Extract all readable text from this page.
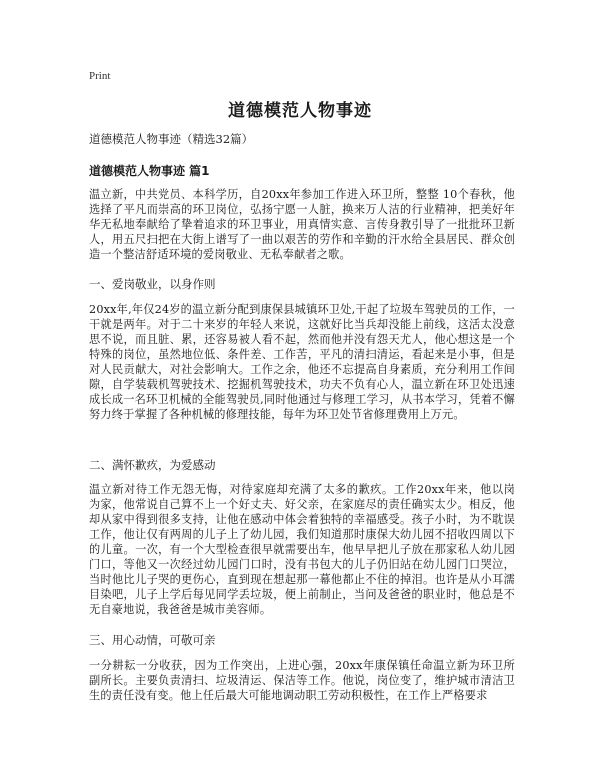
Print
道德模范人物事迹
道德模范人物事迹（精选32篇）
道德模范人物事迹 篇1

温立新，中共党员、本科学历，自20xx年参加工作进入环卫所，整整 10个春秋，他选择了平凡而崇高的环卫岗位，弘扬宁愿一人脏，换来万人洁的行业精神，把美好年华无私地奉献给了挚着追求的环卫事业，用真情实意、言传身教引导了一批批环卫新人，用五尺扫把在大街上谱写了一曲以艰苦的劳作和辛勤的汗水给全县居民、群众创造一个整洁舒适环境的爱岗敬业、无私奉献者之歌。

一、爱岗敬业，以身作则

20xx年,年仅24岁的温立新分配到康保县城镇环卫处,干起了垃圾车驾驶员的工作，一干就是两年。对于二十来岁的年轻人来说，这就好比当兵却没能上前线，这活太没意思不说，而且脏、累，还容易被人看不起，然而他并没有怨天尤人，他心想这是一个特殊的岗位，虽然地位低、条件差、工作苦，平凡的清扫清运，看起来是小事，但是对人民贡献大，对社会影响大。工作之余，他还不忘提高自身素质，充分利用工作间隙，自学装载机驾驶技术、挖掘机驾驶技术，功夫不负有心人，温立新在环卫处迅速成长成一名环卫机械的全能驾驶员,同时他通过与修理工学习，从书本学习，凭着不懈努力终于掌握了各种机械的修理技能，每年为环卫处节省修理费用上万元。

二、满怀歉疚，为爱感动

温立新对待工作无怨无悔，对待家庭却充满了太多的歉疚。工作20xx年来，他以岗为家，他常说自己算不上一个好丈夫、好父亲，在家庭尽的责任确实太少。相反，他却从家中得到很多支持，让他在感动中体会着独特的幸福感受。孩子小时，为不耽误工作，他让仅有两周的儿子上了幼儿园，我们知道那时康保大幼儿园不招收四周以下的儿童。一次，有一个大型检查很早就需要出车，他早早把儿子放在那家私人幼儿园门口，等他又一次经过幼儿园门口时，没有书包大的儿子仍旧站在幼儿园门口哭泣，当时他比儿子哭的更伤心，直到现在想起那一幕他都止不住的掉泪。也许是从小耳濡目染吧，儿子上学后每见同学丢垃圾，便上前制止，当问及爸爸的职业时，他总是不无自豪地说，我爸爸是城市美容师。

三、用心动情，可敬可亲

一分耕耘一分收获，因为工作突出，上进心强，20xx年康保镇任命温立新为环卫所副所长。主要负责清扫、垃圾清运、保洁等工作。他说，岗位变了，维护城市清洁卫生的责任没有变。他上任后最大可能地调动职工劳动积极性，在工作上严格要求
